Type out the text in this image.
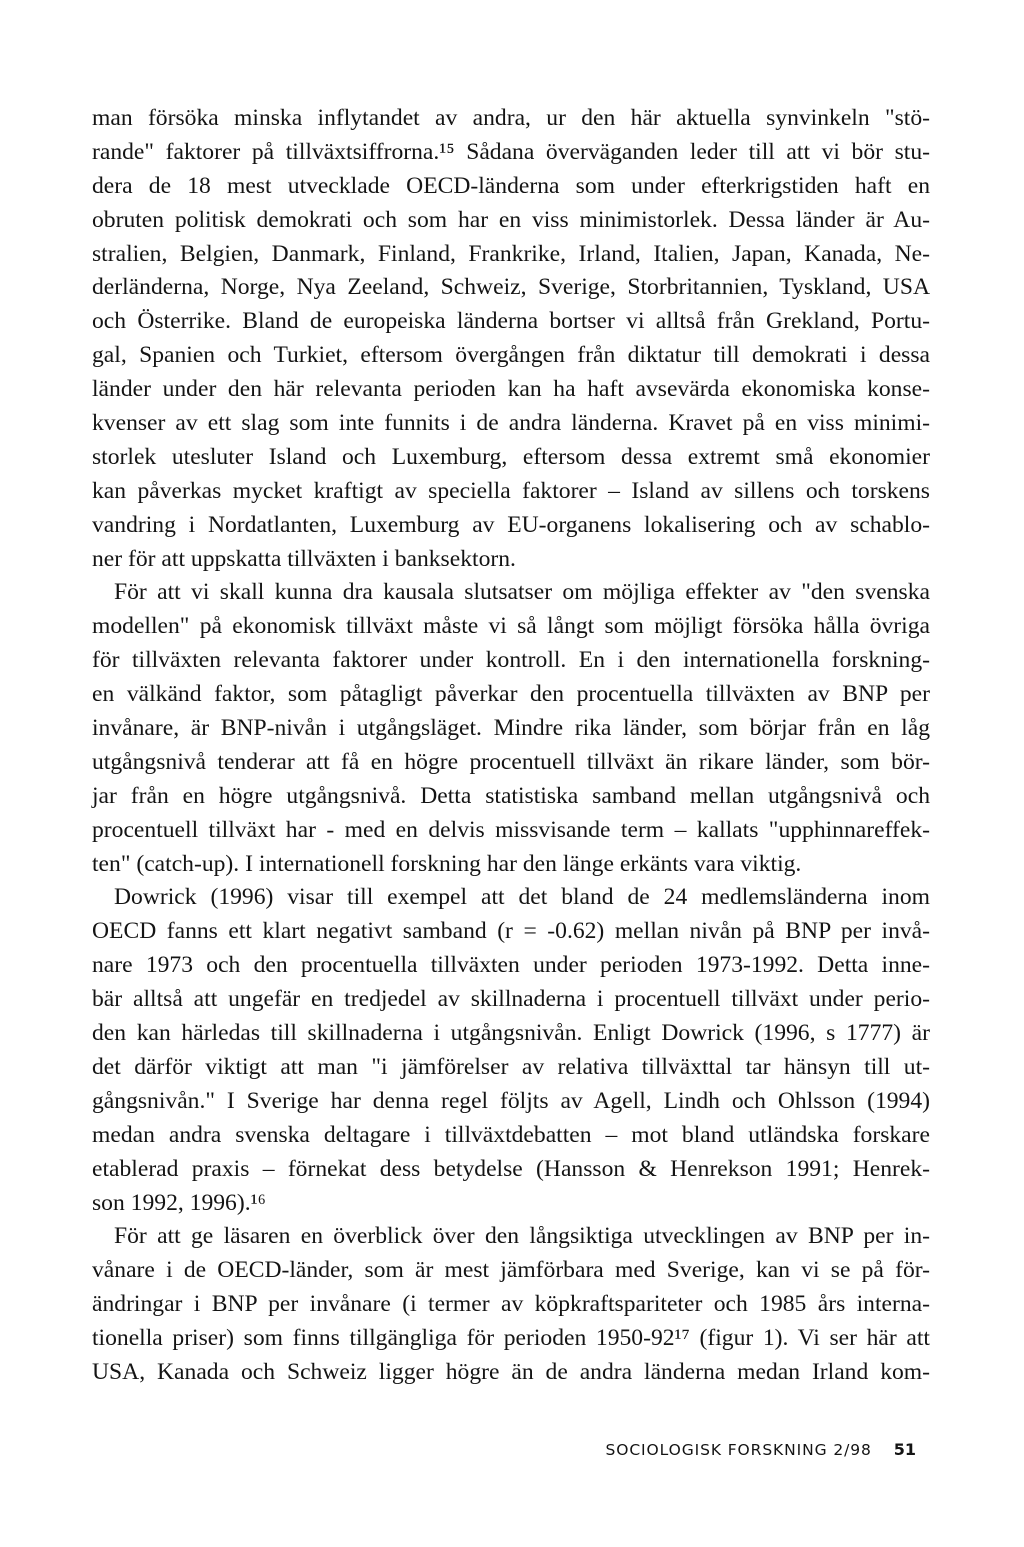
man försöka minska inflytandet av andra, ur den här aktuella synvinkeln "stö-
rande" faktorer på tillväxtsiffrorna.¹⁵ Sådana överväganden leder till att vi bör stu-
dera de 18 mest utvecklade OECD-länderna som under efterkrigstiden haft en
obruten politisk demokrati och som har en viss minimistorlek. Dessa länder är Au-
stralien, Belgien, Danmark, Finland, Frankrike, Irland, Italien, Japan, Kanada, Ne-
derländerna, Norge, Nya Zeeland, Schweiz, Sverige, Storbritannien, Tyskland, USA
och Österrike. Bland de europeiska länderna bortser vi alltså från Grekland, Portu-
gal, Spanien och Turkiet, eftersom övergången från diktatur till demokrati i dessa
länder under den här relevanta perioden kan ha haft avsevärda ekonomiska konse-
kvenser av ett slag som inte funnits i de andra länderna. Kravet på en viss minimi-
storlek utesluter Island och Luxemburg, eftersom dessa extremt små ekonomier
kan påverkas mycket kraftigt av speciella faktorer – Island av sillens och torskens
vandring i Nordatlanten, Luxemburg av EU-organens lokalisering och av schablo-
ner för att uppskatta tillväxten i banksektorn.
För att vi skall kunna dra kausala slutsatser om möjliga effekter av "den svenska
modellen" på ekonomisk tillväxt måste vi så långt som möjligt försöka hålla övriga
för tillväxten relevanta faktorer under kontroll. En i den internationella forskning-
en välkänd faktor, som påtagligt påverkar den procentuella tillväxten av BNP per
invånare, är BNP-nivån i utgångsläget. Mindre rika länder, som börjar från en låg
utgångsnivå tenderar att få en högre procentuell tillväxt än rikare länder, som bör-
jar från en högre utgångsnivå. Detta statistiska samband mellan utgångsnivå och
procentuell tillväxt har - med en delvis missvisande term – kallats "upphinnareffek-
ten" (catch-up). I internationell forskning har den länge erkänts vara viktig.
Dowrick (1996) visar till exempel att det bland de 24 medlemsländerna inom
OECD fanns ett klart negativt samband (r = -0.62) mellan nivån på BNP per invå-
nare 1973 och den procentuella tillväxten under perioden 1973-1992. Detta inne-
bär alltså att ungefär en tredjedel av skillnaderna i procentuell tillväxt under perio-
den kan härledas till skillnaderna i utgångsnivån. Enligt Dowrick (1996, s 1777) är
det därför viktigt att man "i jämförelser av relativa tillväxttal tar hänsyn till ut-
gångsnivån." I Sverige har denna regel följts av Agell, Lindh och Ohlsson (1994)
medan andra svenska deltagare i tillväxtdebatten – mot bland utländska forskare
etablerad praxis – förnekat dess betydelse (Hansson & Henrekson 1991; Henrek-
son 1992, 1996).¹⁶
För att ge läsaren en överblick över den långsiktiga utvecklingen av BNP per in-
vånare i de OECD-länder, som är mest jämförbara med Sverige, kan vi se på för-
ändringar i BNP per invånare (i termer av köpkraftspariteter och 1985 års interna-
tionella priser) som finns tillgängliga för perioden 1950-92¹⁷ (figur 1). Vi ser här att
USA, Kanada och Schweiz ligger högre än de andra länderna medan Irland kom-
SOCIOLOGISK FORSKNING 2/98 51
